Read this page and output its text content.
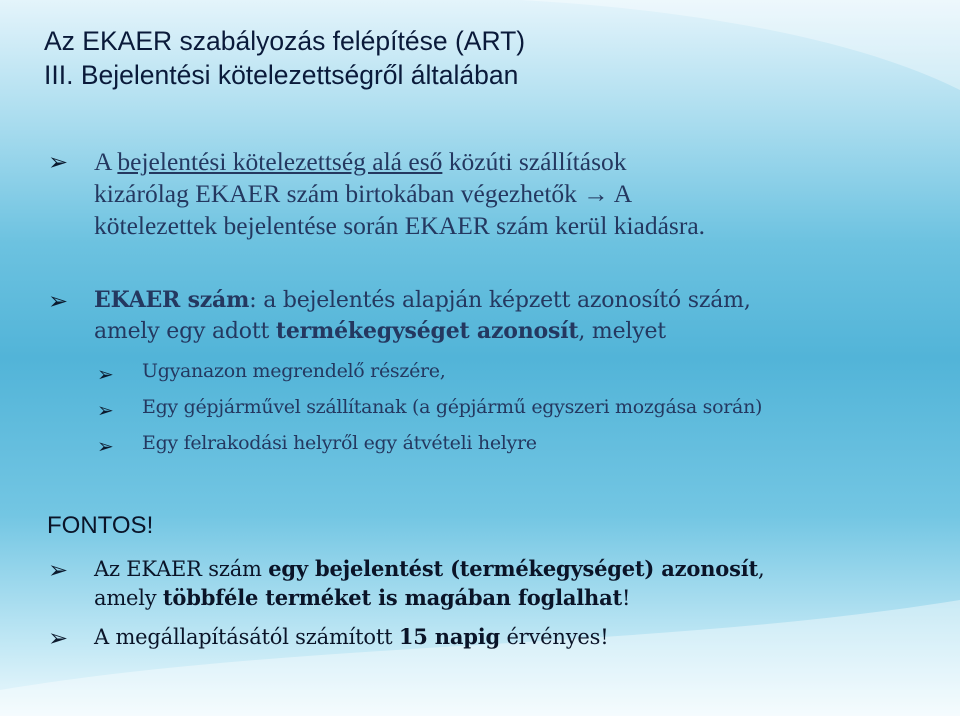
Az EKAER szabályozás felépítése (ART)
III. Bejelentési kötelezettségről általában
➢ A bejelentési kötelezettség alá eső közúti szállítások
kizárólag EKAER szám birtokában végezhetők → A
kötelezettek bejelentése során EKAER szám kerül kiadásra.
➢ EKAER szám: a bejelentés alapján képzett azonosító szám,
amely egy adott termékegységet azonosít, melyet
➢ Ugyanazon megrendelő részére,
➢ Egy gépjárművel szállítanak (a gépjármű egyszeri mozgása során)
➢ Egy felrakodási helyről egy átvételi helyre
FONTOS!
➢ Az EKAER szám egy bejelentést (termékegységet) azonosít,
amely többféle terméket is magában foglalhat!
➢ A megállapításától számított 15 napig érvényes!
